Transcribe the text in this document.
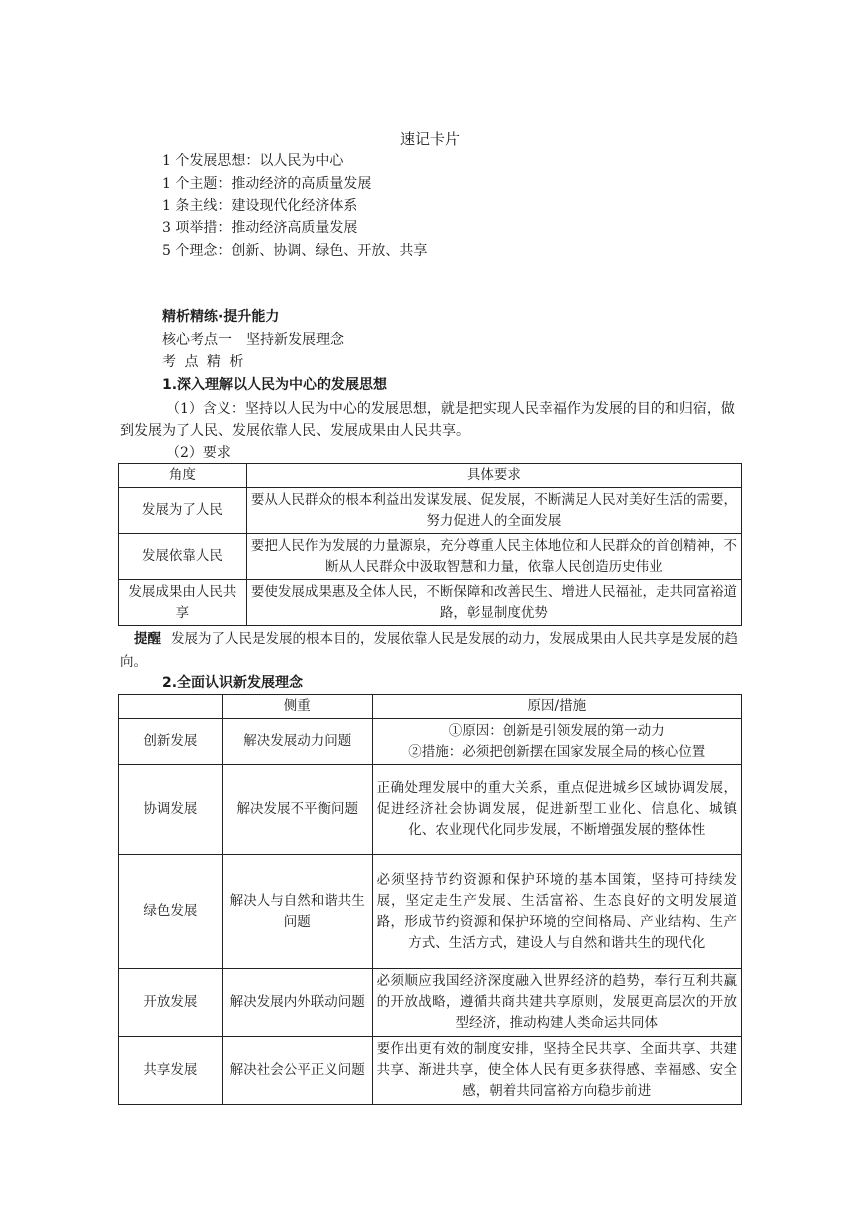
速记卡片
1 个发展思想：以人民为中心
1 个主题：推动经济的高质量发展
1 条主线：建设现代化经济体系
3 项举措：推动经济高质量发展
5 个理念：创新、协调、绿色、开放、共享
精析精练·提升能力
核心考点一　坚持新发展理念
考 点 精 析
1.深入理解以人民为中心的发展思想
（1）含义：坚持以人民为中心的发展思想，就是把实现人民幸福作为发展的目的和归宿，做到发展为了人民、发展依靠人民、发展成果由人民共享。
（2）要求
角度	具体要求
发展为了人民	要从人民群众的根本利益出发谋发展、促发展，不断满足人民对美好生活的需要，努力促进人的全面发展
发展依靠人民	要把人民作为发展的力量源泉，充分尊重人民主体地位和人民群众的首创精神，不断从人民群众中汲取智慧和力量，依靠人民创造历史伟业
发展成果由人民共享	要使发展成果惠及全体人民，不断保障和改善民生、增进人民福祉，走共同富裕道路，彰显制度优势
提醒 发展为了人民是发展的根本目的，发展依靠人民是发展的动力，发展成果由人民共享是发展的趋向。
2.全面认识新发展理念
	侧重	原因/措施
创新发展	解决发展动力问题	①原因：创新是引领发展的第一动力
②措施：必须把创新摆在国家发展全局的核心位置

协调发展	解决发展不平衡问题	正确处理发展中的重大关系，重点促进城乡区域协调发展，促进经济社会协调发展，促进新型工业化、信息化、城镇化、农业现代化同步发展，不断增强发展的整体性
绿色发展	解决人与自然和谐共生问题	必须坚持节约资源和保护环境的基本国策，坚持可持续发展，坚定走生产发展、生活富裕、生态良好的文明发展道路，形成节约资源和保护环境的空间格局、产业结构、生产方式、生活方式，建设人与自然和谐共生的现代化
开放发展	解决发展内外联动问题	必须顺应我国经济深度融入世界经济的趋势，奉行互利共赢的开放战略，遵循共商共建共享原则，发展更高层次的开放型经济，推动构建人类命运共同体
共享发展	解决社会公平正义问题	要作出更有效的制度安排，坚持全民共享、全面共享、共建共享、渐进共享，使全体人民有更多获得感、幸福感、安全感，朝着共同富裕方向稳步前进
